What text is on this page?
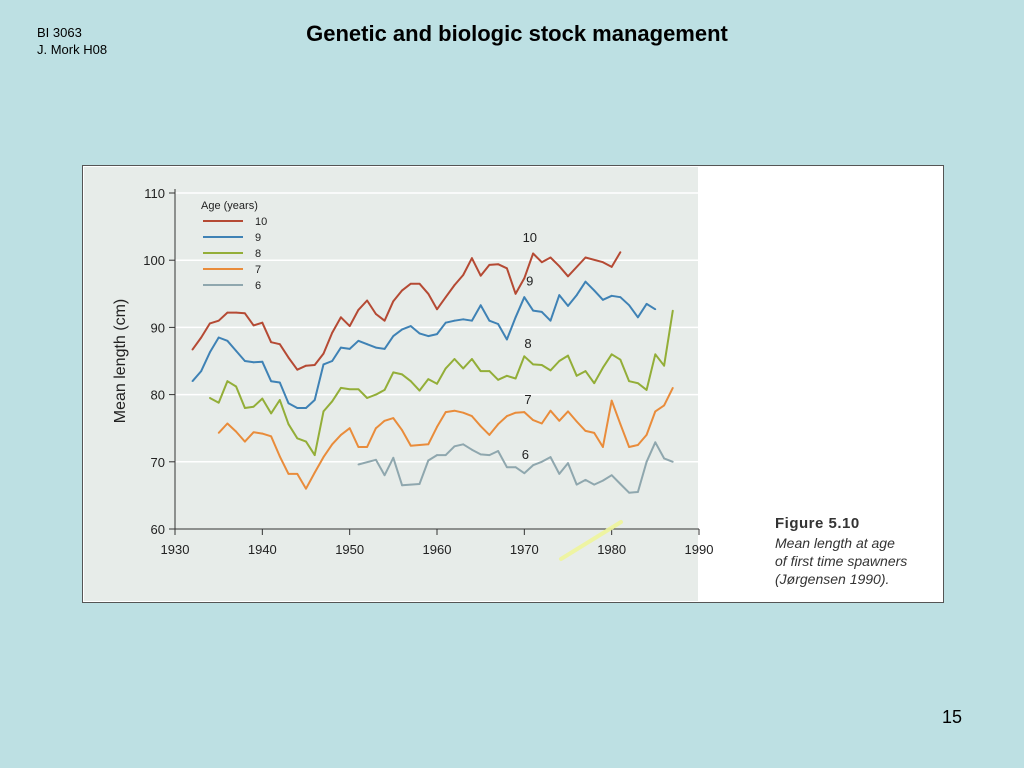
BI 3063
J. Mork H08
Genetic and biologic stock management
60
70
80
90
100
110
1930	1940	1950	1960	1970	1980	1990
Mean length (cm)
Age (years)
10
9
8
7
6
10
9
8
7
6
Figure 5.10
Mean length at age
of first time spawners
(Jørgensen 1990).
15
